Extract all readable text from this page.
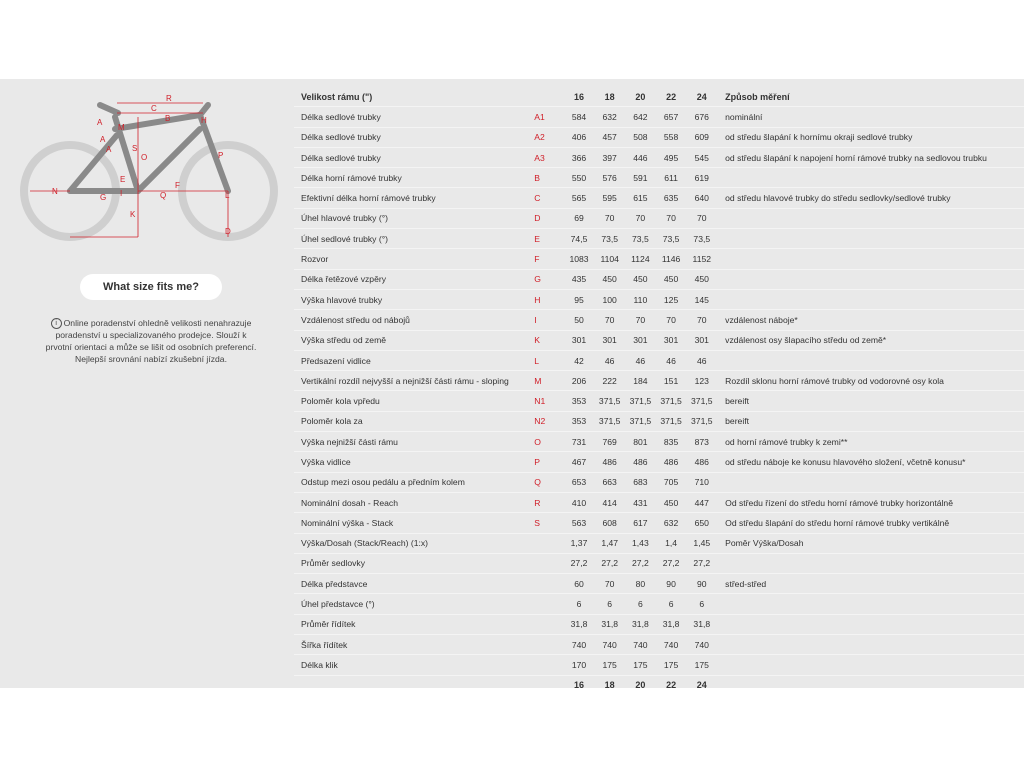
R
A
M
C
H
A
B
S
O	P
E
I
F
N
G	L
Q
K
D
A
What size fits me?
i Online poradenství ohledně velikosti nenahrazuje
poradenství u specializovaného prodejce. Slouží k
prvotní orientaci a může se lišit od osobních preferencí.
Nejlepší srovnání nabízí zkušební jízda.
Velikost rámu (")		16	18	20	22	24	Způsob měření
Délka sedlové trubky	A1	584	632	642	657	676	nominální
Délka sedlové trubky	A2	406	457	508	558	609	od středu šlapání k hornímu okraji sedlové trubky
Délka sedlové trubky	A3	366	397	446	495	545	od středu šlapání k napojení horní rámové trubky na sedlovou trubku
Délka horní rámové trubky	B	550	576	591	611	619	
Efektivní délka horní rámové trubky	C	565	595	615	635	640	od středu hlavové trubky do středu sedlovky/sedlové trubky
Úhel hlavové trubky (°)	D	69	70	70	70	70	
Úhel sedlové trubky (°)	E	74,5	73,5	73,5	73,5	73,5	
Rozvor	F	1083	1104	1124	1146	1152	
Délka řetězové vzpěry	G	435	450	450	450	450	
Výška hlavové trubky	H	95	100	110	125	145	
Vzdálenost středu od nábojů	I	50	70	70	70	70	vzdálenost náboje*
Výška středu od země	K	301	301	301	301	301	vzdálenost osy šlapacího středu od země*
Předsazení vidlice	L	42	46	46	46	46	
Vertikální rozdíl nejvyšší a nejnižší části rámu - sloping	M	206	222	184	151	123	Rozdíl sklonu horní rámové trubky od vodorovné osy kola
Poloměr kola vpředu	N1	353	371,5	371,5	371,5	371,5	bereift
Poloměr kola za	N2	353	371,5	371,5	371,5	371,5	bereift
Výška nejnižší části rámu	O	731	769	801	835	873	od horní rámové trubky k zemi**
Výška vidlice	P	467	486	486	486	486	od středu náboje ke konusu hlavového složení, včetně konusu*
Odstup mezi osou pedálu a předním kolem	Q	653	663	683	705	710	
Nominální dosah - Reach	R	410	414	431	450	447	Od středu řízení do středu horní rámové trubky horizontálně
Nominální výška - Stack	S	563	608	617	632	650	Od středu šlapání do středu horní rámové trubky vertikálně
Výška/Dosah (Stack/Reach) (1:x)		1,37	1,47	1,43	1,4	1,45	Poměr Výška/Dosah
Průměr sedlovky		27,2	27,2	27,2	27,2	27,2	
Délka představce		60	70	80	90	90	střed-střed
Úhel představce (°)		6	6	6	6	6	
Průměr řídítek		31,8	31,8	31,8	31,8	31,8	
Šířka řídítek		740	740	740	740	740	
Délka klik		170	175	175	175	175	
		16	18	20	22	24	
